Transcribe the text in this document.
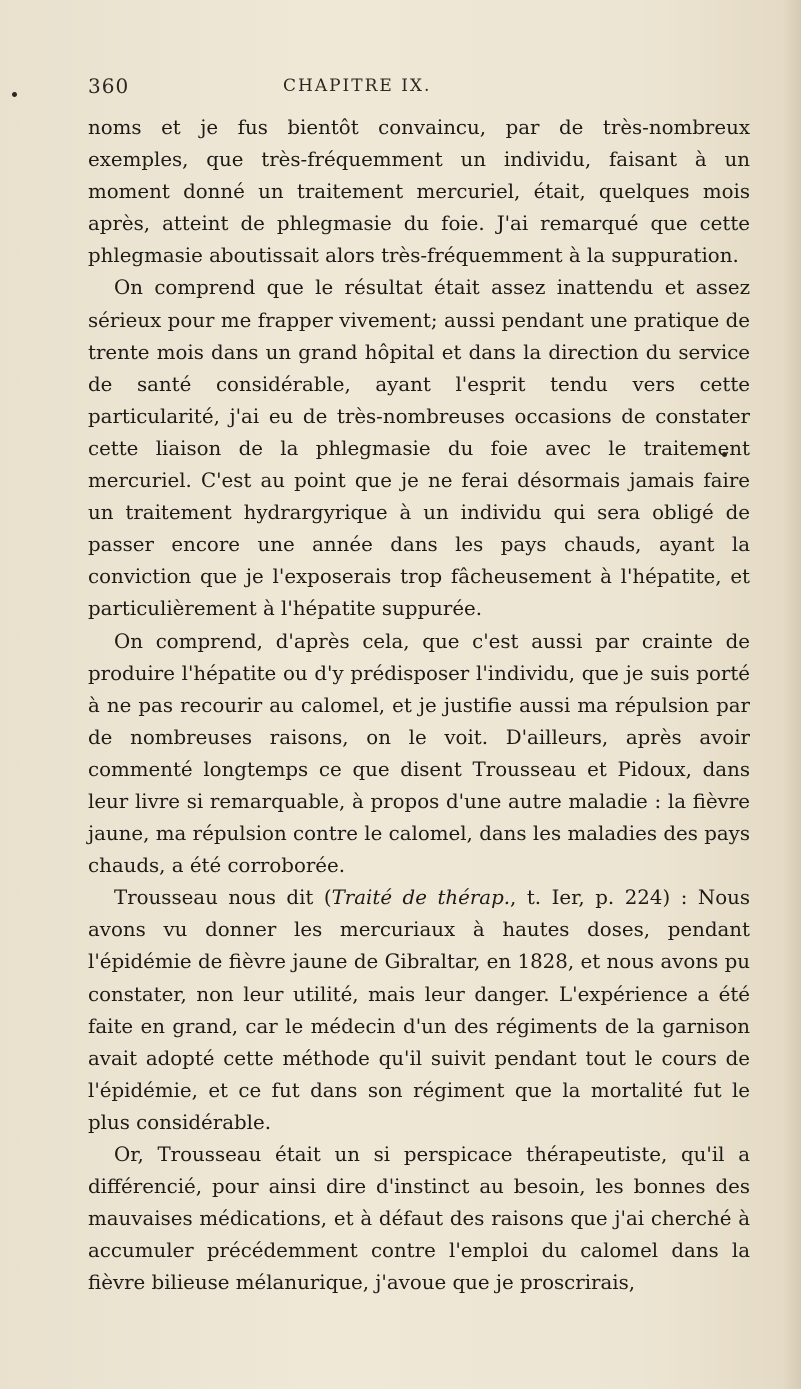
360	CHAPITRE IX.

noms et je fus bientôt convaincu, par de très-nombreux exemples, que très-fréquemment un individu, faisant à un moment donné un traitement mercuriel, était, quelques mois après, atteint de phlegmasie du foie. J'ai remarqué que cette phlegmasie aboutissait alors très-fréquemment à la suppuration.

On comprend que le résultat était assez inattendu et assez sérieux pour me frapper vivement; aussi pendant une pratique de trente mois dans un grand hôpital et dans la direction du service de santé considérable, ayant l'esprit tendu vers cette particularité, j'ai eu de très-nombreuses occasions de constater cette liaison de la phlegmasie du foie avec le traitement mercuriel. C'est au point que je ne ferai désormais jamais faire un traitement hydrargyrique à un individu qui sera obligé de passer encore une année dans les pays chauds, ayant la conviction que je l'exposerais trop fâcheusement à l'hépatite, et particulièrement à l'hépatite suppurée.

On comprend, d'après cela, que c'est aussi par crainte de produire l'hépatite ou d'y prédisposer l'individu, que je suis porté à ne pas recourir au calomel, et je justifie aussi ma répulsion par de nombreuses raisons, on le voit. D'ailleurs, après avoir commenté longtemps ce que disent Trousseau et Pidoux, dans leur livre si remarquable, à propos d'une autre maladie : la fièvre jaune, ma répulsion contre le calomel, dans les maladies des pays chauds, a été corroborée.

Trousseau nous dit (Traité de thérap., t. Ier, p. 224) : Nous avons vu donner les mercuriaux à hautes doses, pendant l'épidémie de fièvre jaune de Gibraltar, en 1828, et nous avons pu constater, non leur utilité, mais leur danger. L'expérience a été faite en grand, car le médecin d'un des régiments de la garnison avait adopté cette méthode qu'il suivit pendant tout le cours de l'épidémie, et ce fut dans son régiment que la mortalité fut le plus considérable.

Or, Trousseau était un si perspicace thérapeutiste, qu'il a différencié, pour ainsi dire d'instinct au besoin, les bonnes des mauvaises médications, et à défaut des raisons que j'ai cherché à accumuler précédemment contre l'emploi du calomel dans la fièvre bilieuse mélanurique, j'avoue que je proscrirais,
